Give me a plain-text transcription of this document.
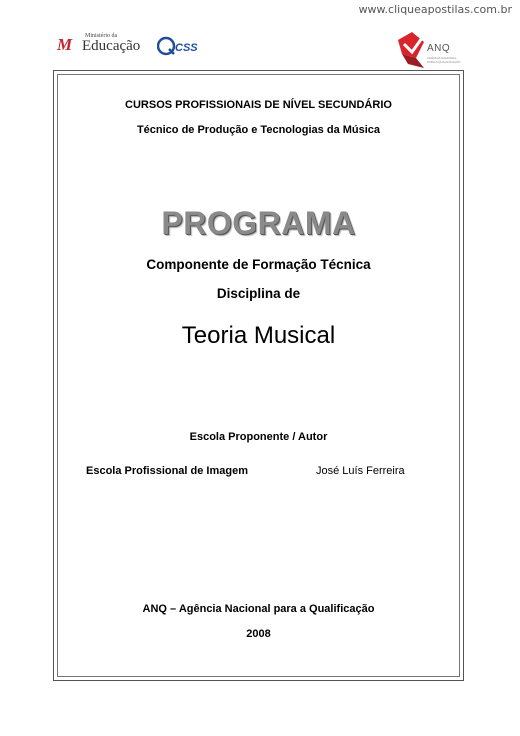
www.cliqueapostilas.com.br
M Ministério da
Educação	CSS	ANQ
AGÊNCIA NACIONAL PARA A QUALIFICAÇÃO
CURSOS PROFISSIONAIS DE NÍVEL SECUNDÁRIO
Técnico de Produção e Tecnologias da Música
PROGRAMA
Componente de Formação Técnica
Disciplina de
Teoria Musical
Escola Proponente / Autor
Escola Profissional de Imagem	José Luís Ferreira
ANQ – Agência Nacional para a Qualificação
2008
